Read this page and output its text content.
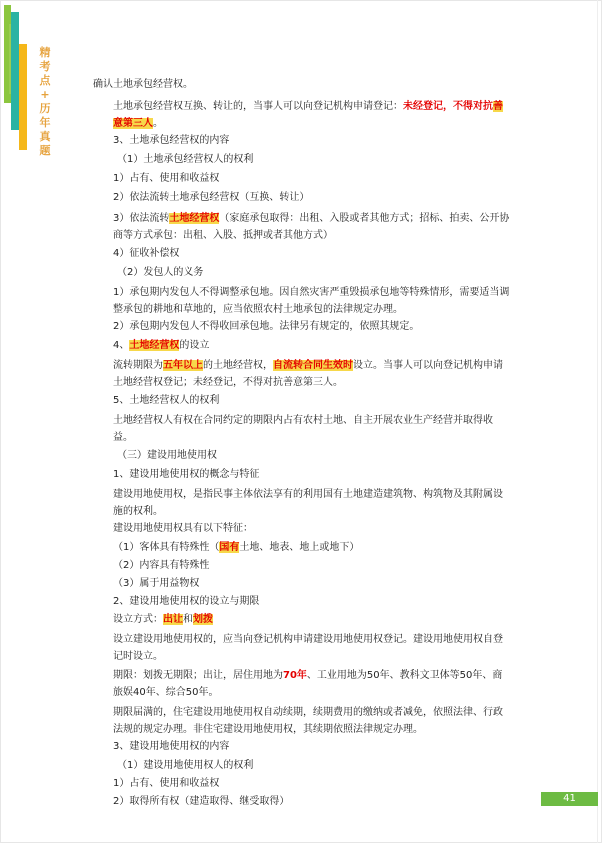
精
考
点
+
历
年
真
题
确认土地承包经营权。
土地承包经营权互换、转让的，当事人可以向登记机构申请登记：未经登记，不得对抗善意第三人。
3、土地承包经营权的内容
（1）土地承包经营权人的权利
1）占有、使用和收益权
2）依法流转土地承包经营权（互换、转让）
3）依法流转土地经营权（家庭承包取得：出租、入股或者其他方式；招标、拍卖、公开协商等方式承包：出租、入股、抵押或者其他方式）
4）征收补偿权
（2）发包人的义务
1）承包期内发包人不得调整承包地。因自然灾害严重毁损承包地等特殊情形，需要适当调整承包的耕地和草地的，应当依照农村土地承包的法律规定办理。
2）承包期内发包人不得收回承包地。法律另有规定的，依照其规定。
4、土地经营权的设立
流转期限为五年以上的土地经营权，自流转合同生效时设立。当事人可以向登记机构申请土地经营权登记；未经登记，不得对抗善意第三人。
5、土地经营权人的权利
土地经营权人有权在合同约定的期限内占有农村土地、自主开展农业生产经营并取得收益。
（三）建设用地使用权
1、建设用地使用权的概念与特征
建设用地使用权，是指民事主体依法享有的利用国有土地建造建筑物、构筑物及其附属设施的权利。
建设用地使用权具有以下特征：
（1）客体具有特殊性（国有土地、地表、地上或地下）
（2）内容具有特殊性
（3）属于用益物权
2、建设用地使用权的设立与期限
设立方式：出让和划拨
设立建设用地使用权的，应当向登记机构申请建设用地使用权登记。建设用地使用权自登记时设立。
期限：划拨无期限；出让，居住用地为70年、工业用地为50年、教科文卫体等50年、商旅娱40年、综合50年。
期限届满的，住宅建设用地使用权自动续期，续期费用的缴纳或者减免，依照法律、行政法规的规定办理。非住宅建设用地使用权，其续期依照法律规定办理。
3、建设用地使用权的内容
（1）建设用地使用权人的权利
1）占有、使用和收益权
2）取得所有权（建造取得、继受取得）	41
